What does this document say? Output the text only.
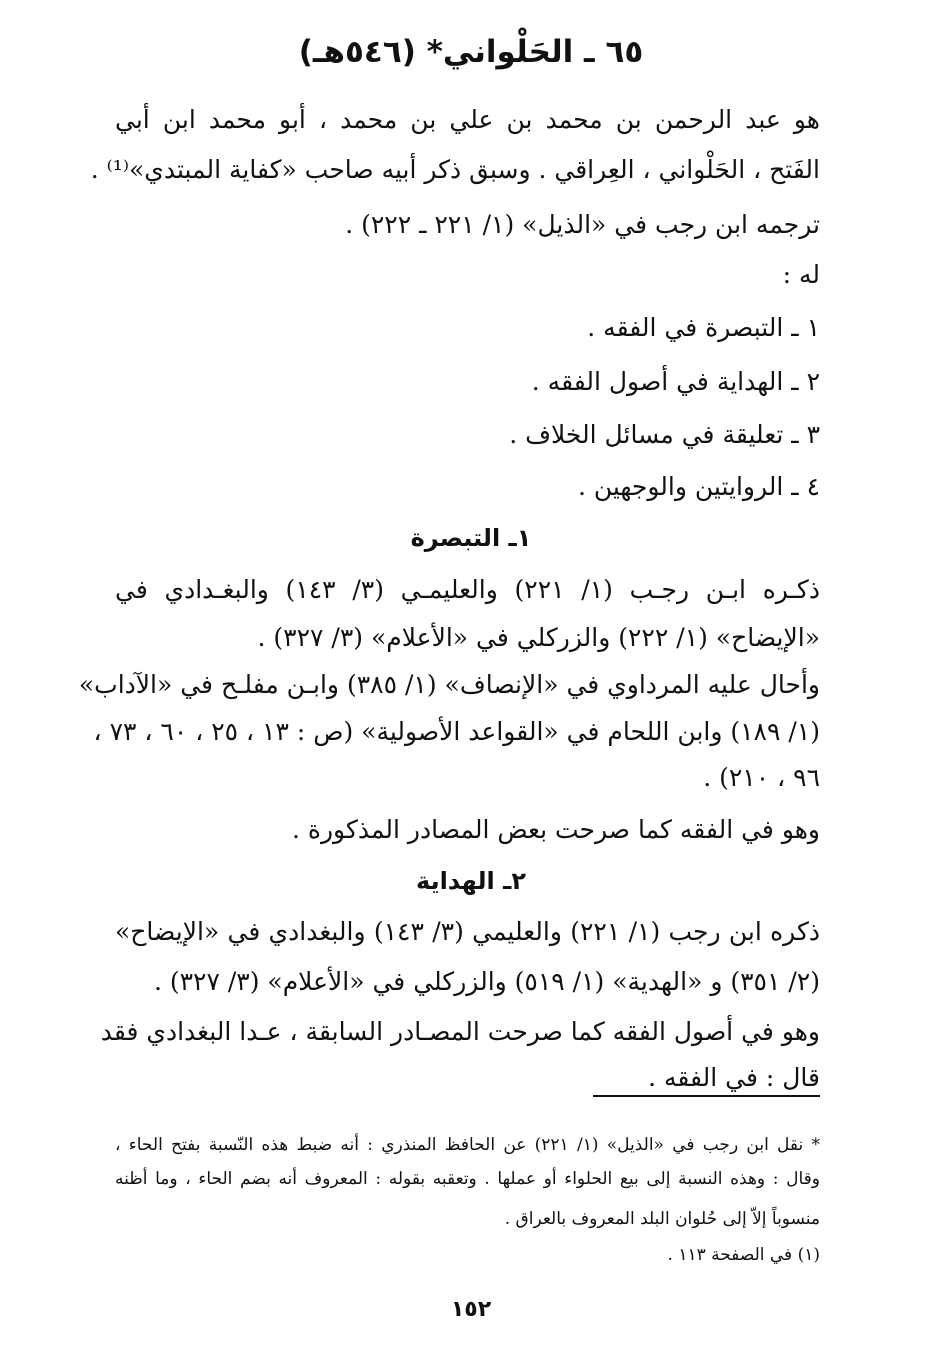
٦٥ ـ الحَلْواني* (٥٤٦هـ)
هو عبد الرحمن بن محمد بن علي بن محمد ، أبو محمد ابن أبي
الفَتح ، الحَلْواني ، العِراقي . وسبق ذكر أبيه صاحب «كفاية المبتدي»⁽¹⁾ .
ترجمه ابن رجب في «الذيل» (١/ ٢٢١ ـ ٢٢٢) .
له :
١ ـ التبصرة في الفقه .
٢ ـ الهداية في أصول الفقه .
٣ ـ تعليقة في مسائل الخلاف .
٤ ـ الروايتين والوجهين .
١ـ التبصرة
ذكـره ابـن رجـب (١/ ٢٢١) والعليمـي (٣/ ١٤٣) والبغـدادي في
«الإيضاح» (١/ ٢٢٢) والزركلي في «الأعلام» (٣/ ٣٢٧) .
وأحال عليه المرداوي في «الإنصاف» (١/ ٣٨٥) وابـن مفلـح في «الآداب»
(١/ ١٨٩) وابن اللحام في «القواعد الأصولية» (ص : ١٣ ، ٢٥ ، ٦٠ ، ٧٣ ،
٩٦ ، ٢١٠) .
وهو في الفقه كما صرحت بعض المصادر المذكورة .
٢ـ الهداية
ذكره ابن رجب (١/ ٢٢١) والعليمي (٣/ ١٤٣) والبغدادي في «الإيضاح»
(٢/ ٣٥١) و «الهدية» (١/ ٥١٩) والزركلي في «الأعلام» (٣/ ٣٢٧) .
وهو في أصول الفقه كما صرحت المصـادر السابقة ، عـدا البغدادي فقد
قال : في الفقه .
* نقل ابن رجب في «الذيل» (١/ ٢٢١) عن الحافظ المنذري : أنه ضبط هذه النّسبة بفتح الحاء ،
وقال : وهذه النسبة إلى بيع الحلواء أو عملها . وتعقبه بقوله : المعروف أنه بضم الحاء ، وما أظنه
منسوباً إلاّ إلى حُلوان البلد المعروف بالعراق .
(١) في الصفحة ١١٣ .
١٥٢
